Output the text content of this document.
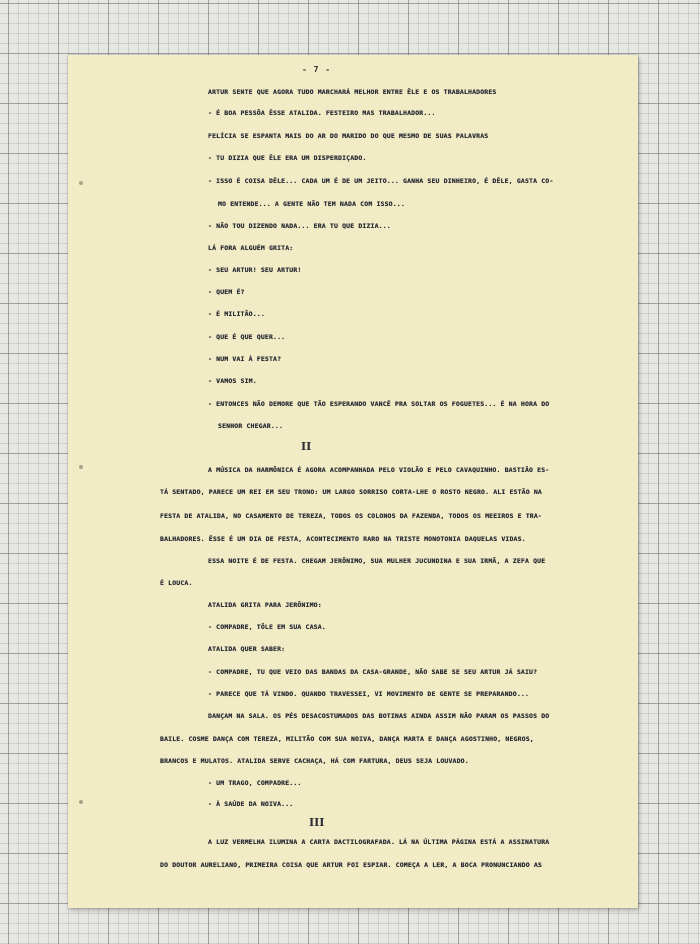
- 7 -
ARTUR SENTE QUE AGORA TUDO MARCHARÁ MELHOR ENTRE ÊLE E OS TRABALHADORES
- É BOA PESSÔA ÊSSE ATALIDA. FESTEIRO MAS TRABALHADOR...
FELÍCIA SE ESPANTA MAIS DO AR DO MARIDO DO QUE MESMO DE SUAS PALAVRAS
- TU DIZIA QUE ÊLE ERA UM DISPERDIÇADO.
- ISSO É COISA DÊLE... CADA UM É DE UM JEITO... GANHA SEU DINHEIRO, É DÊLE, GASTA CO-
MO ENTENDE... A GENTE NÃO TEM NADA COM ISSO...
- NÃO TOU DIZENDO NADA... ERA TU QUE DIZIA...
LÁ FORA ALGUÉM GRITA:
- SEU ARTUR! SEU ARTUR!
- QUEM É?
- É MILITÃO...
- QUE É QUE QUER...
- NUM VAI À FESTA?
- VAMOS SIM.
- ENTONCES NÃO DEMORE QUE TÃO ESPERANDO VANCÊ PRA SOLTAR OS FOGUETES... É NA HORA DO
SENHOR CHEGAR...
II
A MÚSICA DA HARMÔNICA É AGORA ACOMPANHADA PELO VIOLÃO E PELO CAVAQUINHO. BASTIÃO ES-
TÁ SENTADO, PARECE UM REI EM SEU TRONO: UM LARGO SORRISO CORTA-LHE O ROSTO NEGRO. ALI ESTÃO NA
FESTA DE ATALIDA, NO CASAMENTO DE TEREZA, TODOS OS COLONOS DA FAZENDA, TODOS OS MEEIROS E TRA-
BALHADORES. ÊSSE É UM DIA DE FESTA, ACONTECIMENTO RARO NA TRISTE MONOTONIA DAQUELAS VIDAS.
ESSA NOITE É DE FESTA. CHEGAM JERÔNIMO, SUA MULHER JUCUNDINA E SUA IRMÃ, A ZEFA QUE
É LOUCA.
ATALIDA GRITA PARA JERÔNIMO:
- COMPADRE, TÔLE EM SUA CASA.
ATALIDA QUER SABER:
- COMPADRE, TU QUE VEIO DAS BANDAS DA CASA-GRANDE, NÃO SABE SE SEU ARTUR JÁ SAIU?
- PARECE QUE TÁ VINDO. QUANDO TRAVESSEI, VI MOVIMENTO DE GENTE SE PREPARANDO...
DANÇAM NA SALA. OS PÉS DESACOSTUMADOS DAS BOTINAS AINDA ASSIM NÃO PARAM OS PASSOS DO
BAILE. COSME DANÇA COM TEREZA, MILITÃO COM SUA NOIVA, DANÇA MARTA E DANÇA AGOSTINHO, NEGROS,
BRANCOS E MULATOS. ATALIDA SERVE CACHAÇA, HÁ COM FARTURA, DEUS SEJA LOUVADO.
- UM TRAGO, COMPADRE...
- À SAÚDE DA NOIVA...
III
A LUZ VERMELHA ILUMINA A CARTA DACTILOGRAFADA. LÁ NA ÚLTIMA PÁGINA ESTÁ A ASSINATURA
DO DOUTOR AURELIANO, PRIMEIRA COISA QUE ARTUR FOI ESPIAR. COMEÇA A LER, A BOCA PRONUNCIANDO AS
